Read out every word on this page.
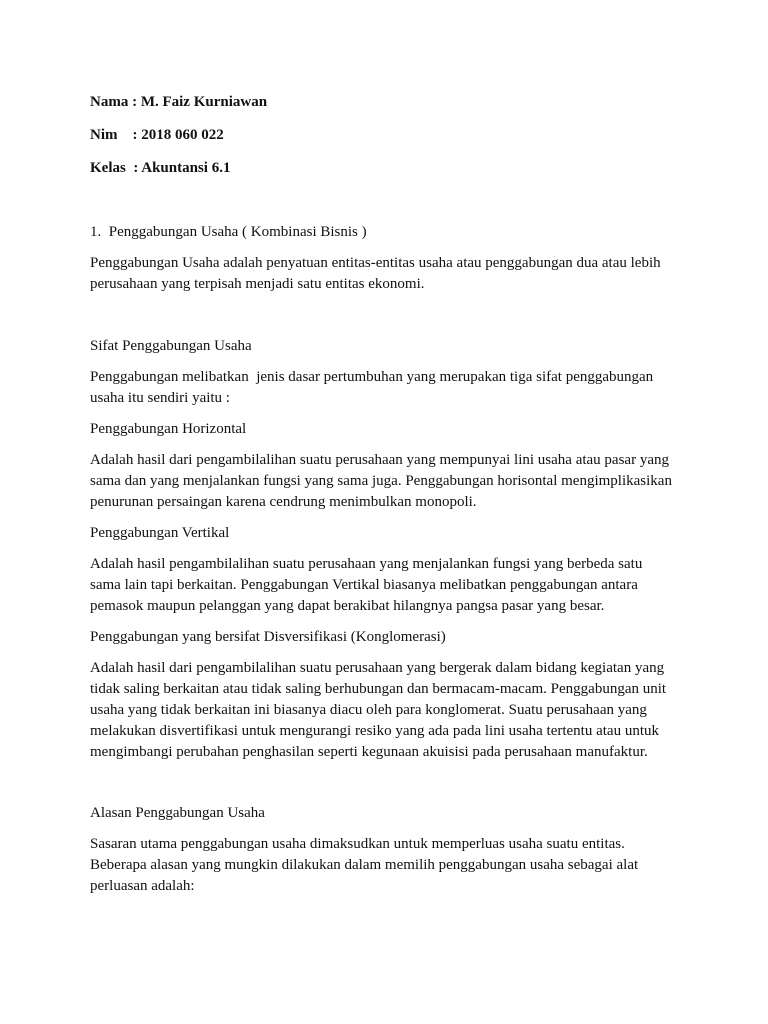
Nama : M. Faiz Kurniawan
Nim    : 2018 060 022
Kelas  : Akuntansi 6.1
1.  Penggabungan Usaha ( Kombinasi Bisnis )
Penggabungan Usaha adalah penyatuan entitas-entitas usaha atau penggabungan dua atau lebih
perusahaan yang terpisah menjadi satu entitas ekonomi.
Sifat Penggabungan Usaha
Penggabungan melibatkan  jenis dasar pertumbuhan yang merupakan tiga sifat penggabungan
usaha itu sendiri yaitu :
Penggabungan Horizontal
Adalah hasil dari pengambilalihan suatu perusahaan yang mempunyai lini usaha atau pasar yang
sama dan yang menjalankan fungsi yang sama juga. Penggabungan horisontal mengimplikasikan
penurunan persaingan karena cendrung menimbulkan monopoli.
Penggabungan Vertikal
Adalah hasil pengambilalihan suatu perusahaan yang menjalankan fungsi yang berbeda satu
sama lain tapi berkaitan. Penggabungan Vertikal biasanya melibatkan penggabungan antara
pemasok maupun pelanggan yang dapat berakibat hilangnya pangsa pasar yang besar.
Penggabungan yang bersifat Disversifikasi (Konglomerasi)
Adalah hasil dari pengambilalihan suatu perusahaan yang bergerak dalam bidang kegiatan yang
tidak saling berkaitan atau tidak saling berhubungan dan bermacam-macam. Penggabungan unit
usaha yang tidak berkaitan ini biasanya diacu oleh para konglomerat. Suatu perusahaan yang
melakukan disvertifikasi untuk mengurangi resiko yang ada pada lini usaha tertentu atau untuk
mengimbangi perubahan penghasilan seperti kegunaan akuisisi pada perusahaan manufaktur.
Alasan Penggabungan Usaha
Sasaran utama penggabungan usaha dimaksudkan untuk memperluas usaha suatu entitas.
Beberapa alasan yang mungkin dilakukan dalam memilih penggabungan usaha sebagai alat
perluasan adalah:
